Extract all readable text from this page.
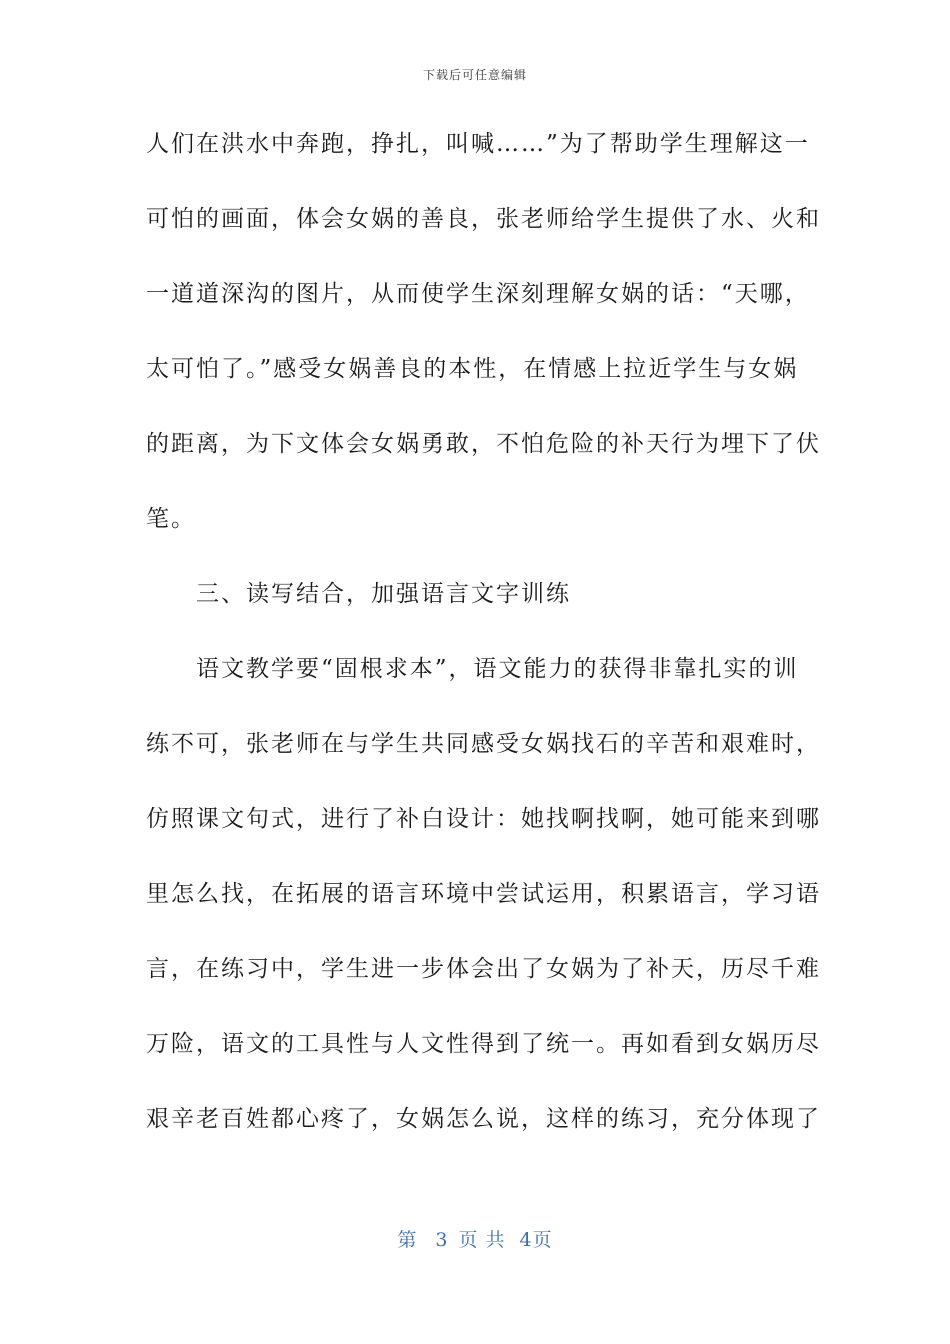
下载后可任意编辑
人们在洪水中奔跑，挣扎，叫喊……”为了帮助学生理解这一
可怕的画面，体会女娲的善良，张老师给学生提供了水、火和
一道道深沟的图片，从而使学生深刻理解女娲的话：“天哪，
太可怕了。”感受女娲善良的本性，在情感上拉近学生与女娲
的距离，为下文体会女娲勇敢，不怕危险的补天行为埋下了伏
笔。
　　三、读写结合，加强语言文字训练
　　语文教学要“固根求本”，语文能力的获得非靠扎实的训
练不可，张老师在与学生共同感受女娲找石的辛苦和艰难时，
仿照课文句式，进行了补白设计：她找啊找啊，她可能来到哪
里怎么找，在拓展的语言环境中尝试运用，积累语言，学习语
言，在练习中，学生进一步体会出了女娲为了补天，历尽千难
万险，语文的工具性与人文性得到了统一。再如看到女娲历尽
艰辛老百姓都心疼了，女娲怎么说，这样的练习，充分体现了
第 3 页 共 4页
